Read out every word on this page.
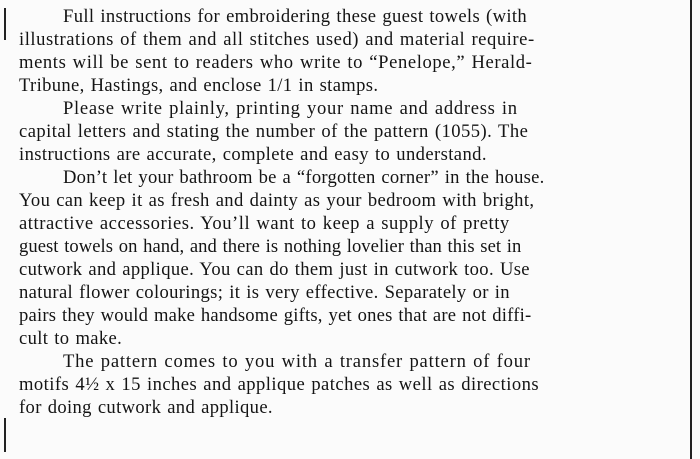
Full instructions for embroidering these guest towels (with
illustrations of them and all stitches used) and material require-
ments will be sent to readers who write to “Penelope,” Herald-
Tribune, Hastings, and enclose 1/1 in stamps.
Please write plainly, printing your name and address in
capital letters and stating the number of the pattern (1055). The
instructions are accurate, complete and easy to understand.
Don’t let your bathroom be a “forgotten corner” in the house.
You can keep it as fresh and dainty as your bedroom with bright,
attractive accessories. You’ll want to keep a supply of pretty
guest towels on hand, and there is nothing lovelier than this set in
cutwork and applique. You can do them just in cutwork too. Use
natural flower colourings; it is very effective. Separately or in
pairs they would make handsome gifts, yet ones that are not diffi-
cult to make.
The pattern comes to you with a transfer pattern of four
motifs 4½ x 15 inches and applique patches as well as directions
for doing cutwork and applique.
